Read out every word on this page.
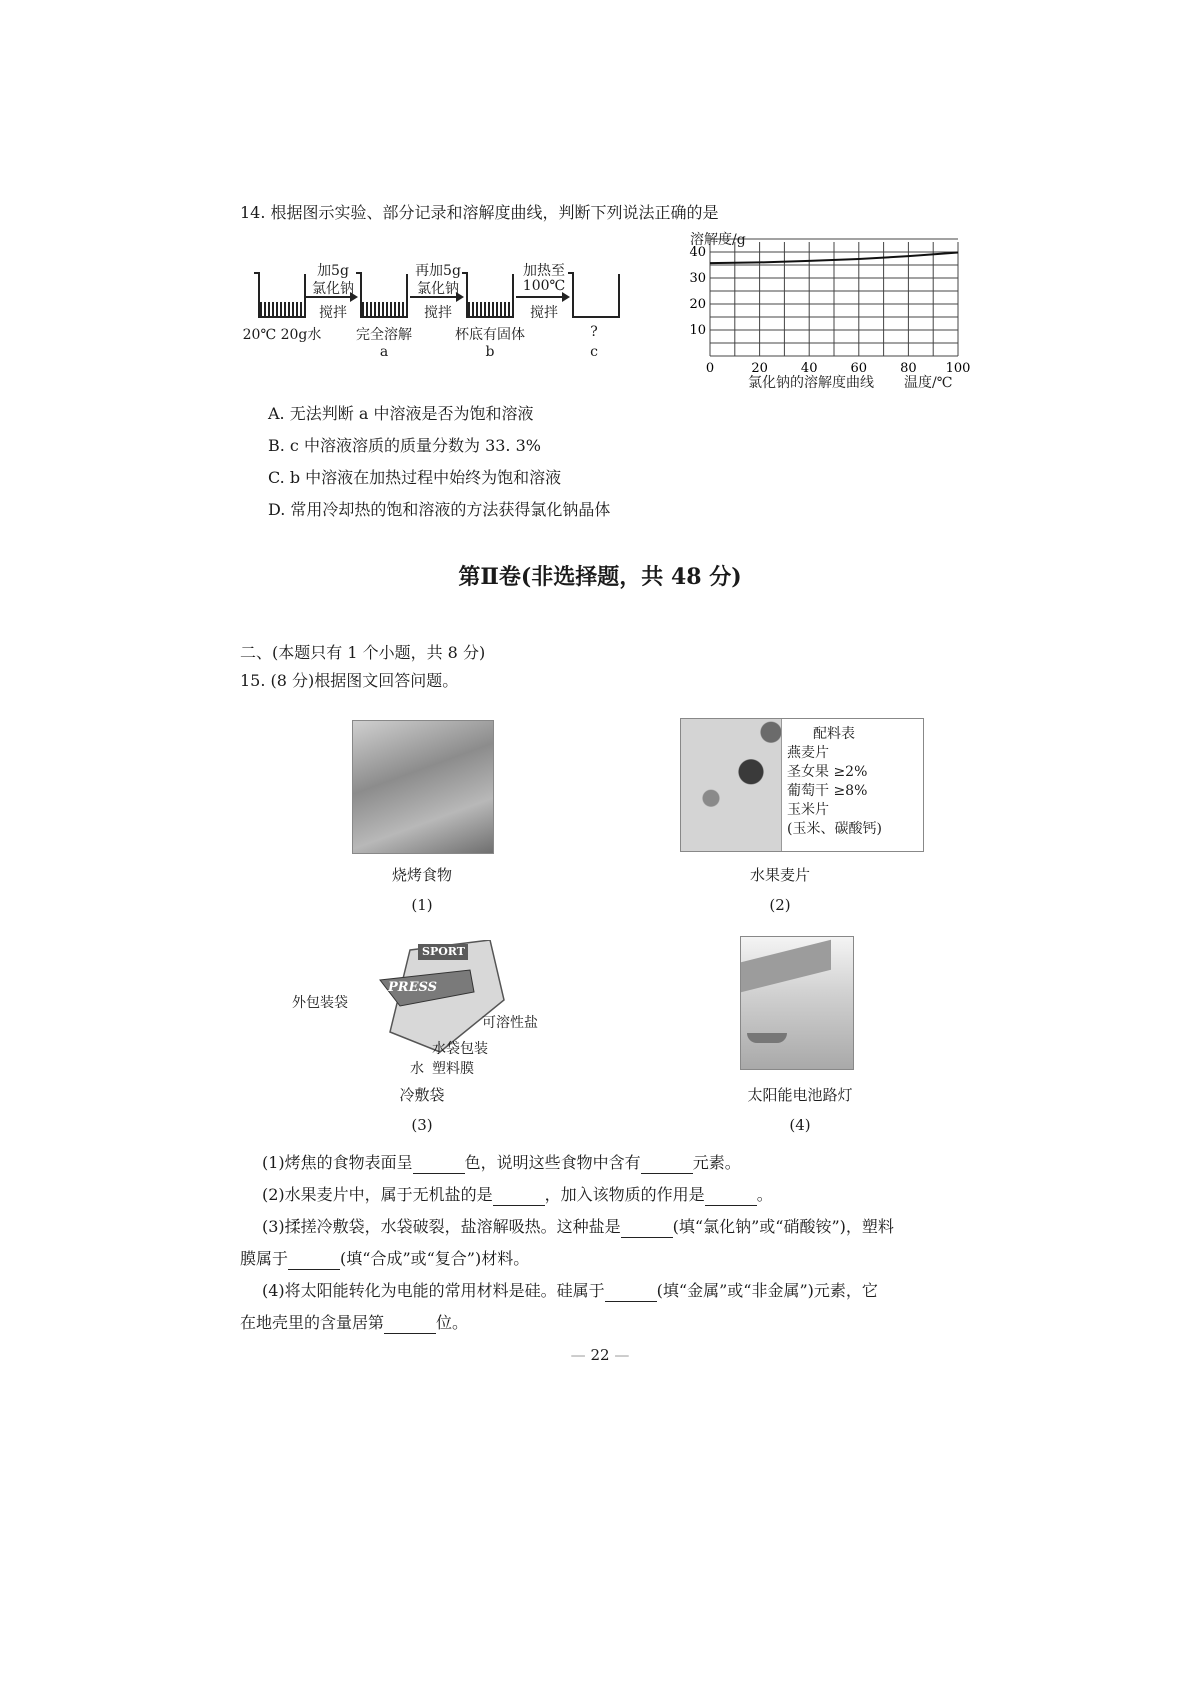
14. 根据图示实验、部分记录和溶解度曲线，判断下列说法正确的是
加5g
氯化钠
搅拌
再加5g
氯化钠
搅拌
加热至
100℃
搅拌
20℃ 20g水	完全溶解
a
杯底有固体
b
?
c
0	20	40	60	80 100
10
20
30
40
溶解度/g
氯化钠的溶解度曲线 温度/℃
A. 无法判断 a 中溶液是否为饱和溶液
B. c 中溶液溶质的质量分数为 33. 3%
C. b 中溶液在加热过程中始终为饱和溶液
D. 常用冷却热的饱和溶液的方法获得氯化钠晶体
第Ⅱ卷(非选择题，共 48 分)
二、(本题只有 1 个小题，共 8 分)
15. (8 分)根据图文回答问题。
烧烤食物
(1)
配料表
燕麦片
圣女果 ≥2%
葡萄干 ≥8%
玉米片
(玉米、碳酸钙)
水果麦片
(2)
SPORT
PRESS
外包装袋
可溶性盐
水袋包装
塑料膜
水
冷敷袋
(3)
太阳能电池路灯
(4)
(1)烤焦的食物表面呈	色，说明这些食物中含有	元素。
(2)水果麦片中，属于无机盐的是	，加入该物质的作用是	。
(3)揉搓冷敷袋，水袋破裂，盐溶解吸热。这种盐是	(填“氯化钠”或“硝酸铵”)，塑料
膜属于	(填“合成”或“复合”)材料。
(4)将太阳能转化为电能的常用材料是硅。硅属于	(填“金属”或“非金属”)元素，它
在地壳里的含量居第	位。
— 22 —
